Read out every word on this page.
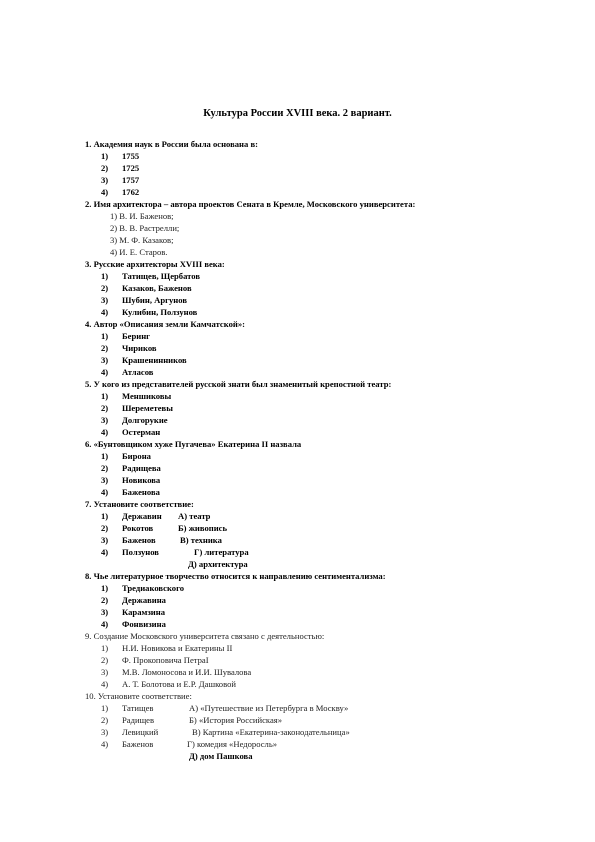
Культура России XVIII века. 2 вариант.
1. Академия наук в России была основана в:
1) 1755
2) 1725
3) 1757
4) 1762
2. Имя архитектора – автора проектов Сената в Кремле, Московского университета:
1) В. И. Баженов;
2) В. В. Растрелли;
3) М. Ф. Казаков;
4) И. Е. Старов.
3. Русские архитекторы XVIII века:
1) Татищев, Щербатов
2) Казаков, Баженов
3) Шубин, Аргунов
4) Кулибин, Ползунов
4. Автор «Описания земли Камчатской»:
1) Беринг
2) Чириков
3) Крашенинников
4) Атласов
5. У кого из представителей русской знати был знаменитый крепостной театр:
1) Меншиковы
2) Шереметевы
3) Долгорукие
4) Остерман
6. «Бунтовщиком хуже Пугачева» Екатерина II назвала
1) Бирона
2) Радищева
3) Новикова
4) Баженова
7. Установите соответствие:
1) Державин А) театр
2) Рокотов	Б) живопись
3) Баженов	В) техника
4) Ползунов	Г) литература
Д) архитектура
8. Чье литературное творчество относится к направлению сентиментализма:
1) Тредиаковского
2) Державина
3) Карамзина
4) Фонвизина
9. Создание Московского университета связано с деятельностью:
1) Н.И. Новикова и Екатерины II
2) Ф. Прокоповича ПетраI
3) М.В. Ломоносова и И.И. Шувалова
4) А. Т. Болотова и Е.Р. Дашковой
10. Установите соответствие:
1) Татищев	А) «Путешествие из Петербурга в Москву»
2) Радищев	Б) «История Российская»
3) Левицкий	В) Картина «Екатерина-законодательница»
4) Баженов	Г) комедия «Недоросль»
Д) дом Пашкова
